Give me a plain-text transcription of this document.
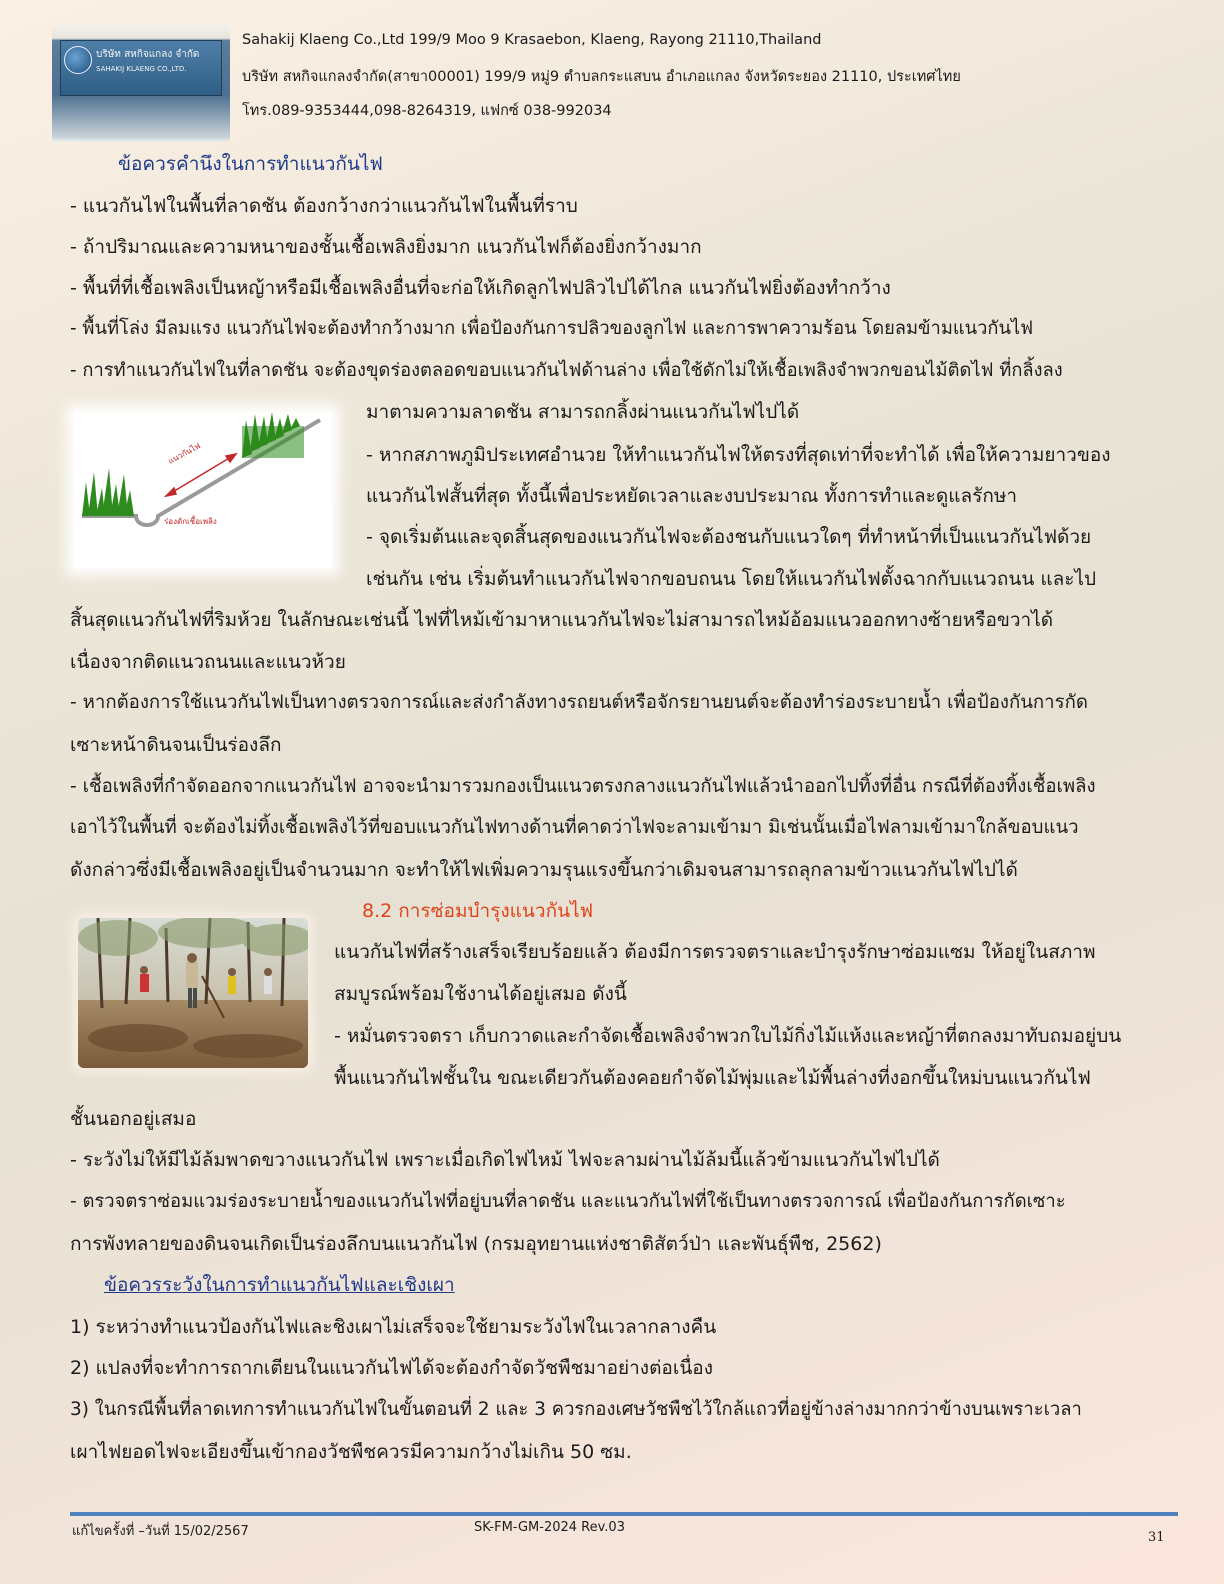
บริษัท สหกิจแกลง จำกัด
SAHAKIJ KLAENG CO.,LTD.
Sahakij Klaeng Co.,Ltd 199/9 Moo 9 Krasaebon, Klaeng, Rayong 21110,Thailand
บริษัท สหกิจแกลงจำกัด(สาขา00001) 199/9 หมู่9 ตำบลกระแสบน อำเภอแกลง จังหวัดระยอง 21110, ประเทศไทย
โทร.089-9353444,098-8264319, แฟกซ์ 038-992034
ข้อควรคำนึงในการทำแนวกันไฟ
- แนวกันไฟในพื้นที่ลาดชัน ต้องกว้างกว่าแนวกันไฟในพื้นที่ราบ
- ถ้าปริมาณและความหนาของชั้นเชื้อเพลิงยิ่งมาก แนวกันไฟก็ต้องยิ่งกว้างมาก
- พื้นที่ที่เชื้อเพลิงเป็นหญ้าหรือมีเชื้อเพลิงอื่นที่จะก่อให้เกิดลูกไฟปลิวไปได้ไกล แนวกันไฟยิ่งต้องทำกว้าง
- พื้นที่โล่ง มีลมแรง แนวกันไฟจะต้องทำกว้างมาก เพื่อป้องกันการปลิวของลูกไฟ และการพาความร้อน โดยลมข้ามแนวกันไฟ
- การทำแนวกันไฟในที่ลาดชัน จะต้องขุดร่องตลอดขอบแนวกันไฟด้านล่าง เพื่อใช้ดักไม่ให้เชื้อเพลิงจำพวกขอนไม้ติดไฟ ที่กลิ้งลง
มาตามความลาดชัน สามารถกลิ้งผ่านแนวกันไฟไปได้
- หากสภาพภูมิประเทศอำนวย ให้ทำแนวกันไฟให้ตรงที่สุดเท่าที่จะทำได้ เพื่อให้ความยาวของ
แนวกันไฟสั้นที่สุด ทั้งนี้เพื่อประหยัดเวลาและงบประมาณ ทั้งการทำและดูแลรักษา
- จุดเริ่มต้นและจุดสิ้นสุดของแนวกันไฟจะต้องชนกับแนวใดๆ ที่ทำหน้าที่เป็นแนวกันไฟด้วย
เช่นกัน เช่น เริ่มต้นทำแนวกันไฟจากขอบถนน โดยให้แนวกันไฟตั้งฉากกับแนวถนน และไป
สิ้นสุดแนวกันไฟที่ริมห้วย ในลักษณะเช่นนี้ ไฟที่ไหม้เข้ามาหาแนวกันไฟจะไม่สามารถไหม้อ้อมแนวออกทางซ้ายหรือขวาได้
เนื่องจากติดแนวถนนและแนวห้วย
- หากต้องการใช้แนวกันไฟเป็นทางตรวจการณ์และส่งกำลังทางรถยนต์หรือจักรยานยนต์จะต้องทำร่องระบายน้ำ เพื่อป้องกันการกัด
เซาะหน้าดินจนเป็นร่องลึก
- เชื้อเพลิงที่กำจัดออกจากแนวกันไฟ อาจจะนำมารวมกองเป็นแนวตรงกลางแนวกันไฟแล้วนำออกไปทิ้งที่อื่น กรณีที่ต้องทิ้งเชื้อเพลิง
เอาไว้ในพื้นที่ จะต้องไม่ทิ้งเชื้อเพลิงไว้ที่ขอบแนวกันไฟทางด้านที่คาดว่าไฟจะลามเข้ามา มิเช่นนั้นเมื่อไฟลามเข้ามาใกล้ขอบแนว
ดังกล่าวซึ่งมีเชื้อเพลิงอยู่เป็นจำนวนมาก จะทำให้ไฟเพิ่มความรุนแรงขึ้นกว่าเดิมจนสามารถลุกลามข้าวแนวกันไฟไปได้
แนวกันไฟ
ร่องดักเชื้อเพลิง
8.2 การซ่อมบำรุงแนวกันไฟ
แนวกันไฟที่สร้างเสร็จเรียบร้อยแล้ว ต้องมีการตรวจตราและบำรุงรักษาซ่อมแซม ให้อยู่ในสภาพ
สมบูรณ์พร้อมใช้งานได้อยู่เสมอ ดังนี้
- หมั่นตรวจตรา เก็บกวาดและกำจัดเชื้อเพลิงจำพวกใบไม้กิ่งไม้แห้งและหญ้าที่ตกลงมาทับถมอยู่บน
พื้นแนวกันไฟชั้นใน ขณะเดียวกันต้องคอยกำจัดไม้พุ่มและไม้พื้นล่างที่งอกขึ้นใหม่บนแนวกันไฟ
ชั้นนอกอยู่เสมอ
- ระวังไม่ให้มีไม้ล้มพาดขวางแนวกันไฟ เพราะเมื่อเกิดไฟไหม้ ไฟจะลามผ่านไม้ล้มนี้แล้วข้ามแนวกันไฟไปได้
- ตรวจตราซ่อมแวมร่องระบายน้ำของแนวกันไฟที่อยู่บนที่ลาดชัน และแนวกันไฟที่ใช้เป็นทางตรวจการณ์ เพื่อป้องกันการกัดเซาะ
การพังทลายของดินจนเกิดเป็นร่องลึกบนแนวกันไฟ (กรมอุทยานแห่งชาติสัตว์ป่า และพันธุ์พืช, 2562)
ข้อควรระวังในการทำแนวกันไฟและเชิงเผา
1) ระหว่างทำแนวป้องกันไฟและชิงเผาไม่เสร็จจะใช้ยามระวังไฟในเวลากลางคืน
2) แปลงที่จะทำการถากเตียนในแนวกันไฟได้จะต้องกำจัดวัชพืชมาอย่างต่อเนื่อง
3) ในกรณีพื้นที่ลาดเทการทำแนวกันไฟในขั้นตอนที่ 2 และ 3 ควรกองเศษวัชพืชไว้ใกล้แถวที่อยู่ข้างล่างมากกว่าข้างบนเพราะเวลา
เผาไฟยอดไฟจะเอียงขึ้นเข้ากองวัชพืชควรมีความกว้างไม่เกิน 50 ซม.
แก้ไขครั้งที่ –วันที่ 15/02/2567	SK-FM-GM-2024 Rev.03
31
